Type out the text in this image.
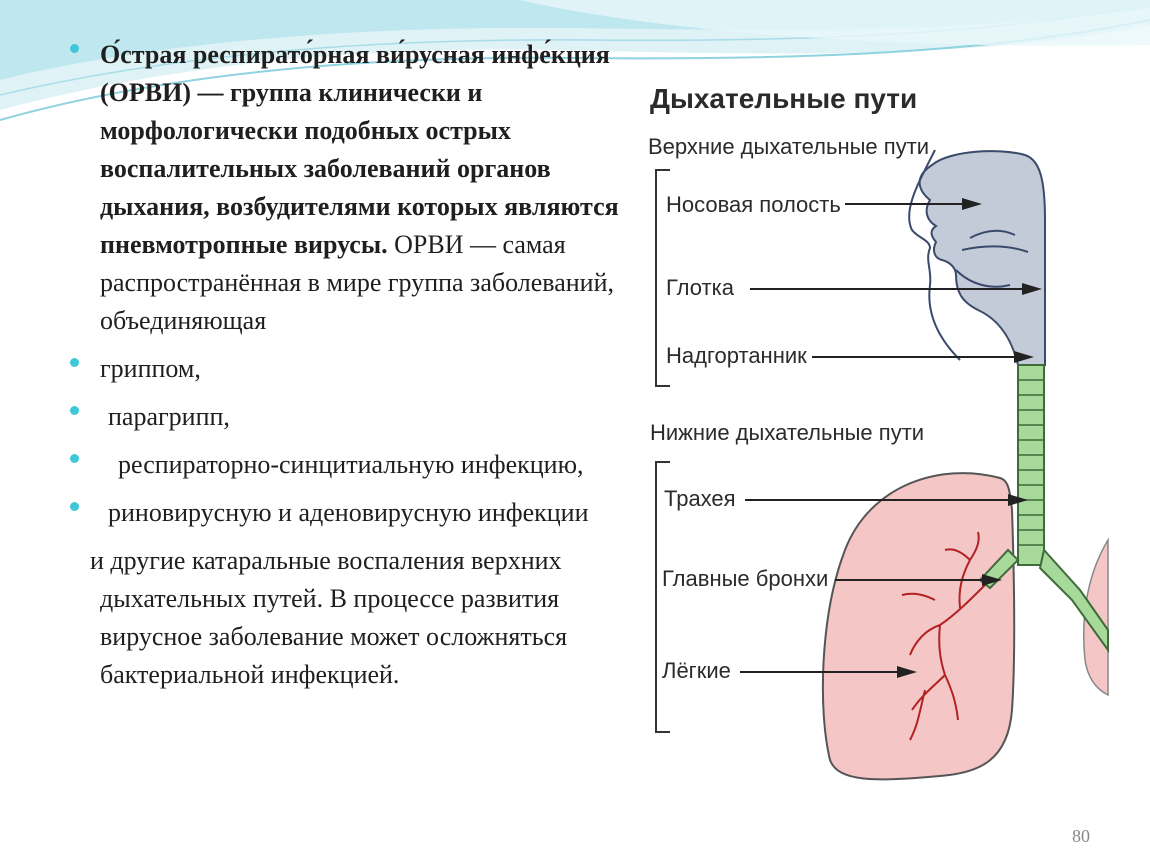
О́страя респирато́рная ви́русная инфе́кция (ОРВИ) — группа клинически и морфологически подобных острых воспалительных заболеваний органов дыхания, возбудителями которых являются пневмотропные вирусы. ОРВИ — самая распространённая в мире группа заболеваний, объединяющая
гриппом,
парагрипп,
респираторно-синцитиальную инфекцию,
риновирусную и аденовирусную инфекции
и другие катаральные воспаления верхних дыхательных путей. В процессе развития вирусное заболевание может осложняться бактериальной инфекцией.
Дыхательные пути
Верхние дыхательные пути
Нижние дыхательные пути
Носовая полость
Глотка
Надгортанник
Трахея
Главные бронхи
Лёгкие
80
